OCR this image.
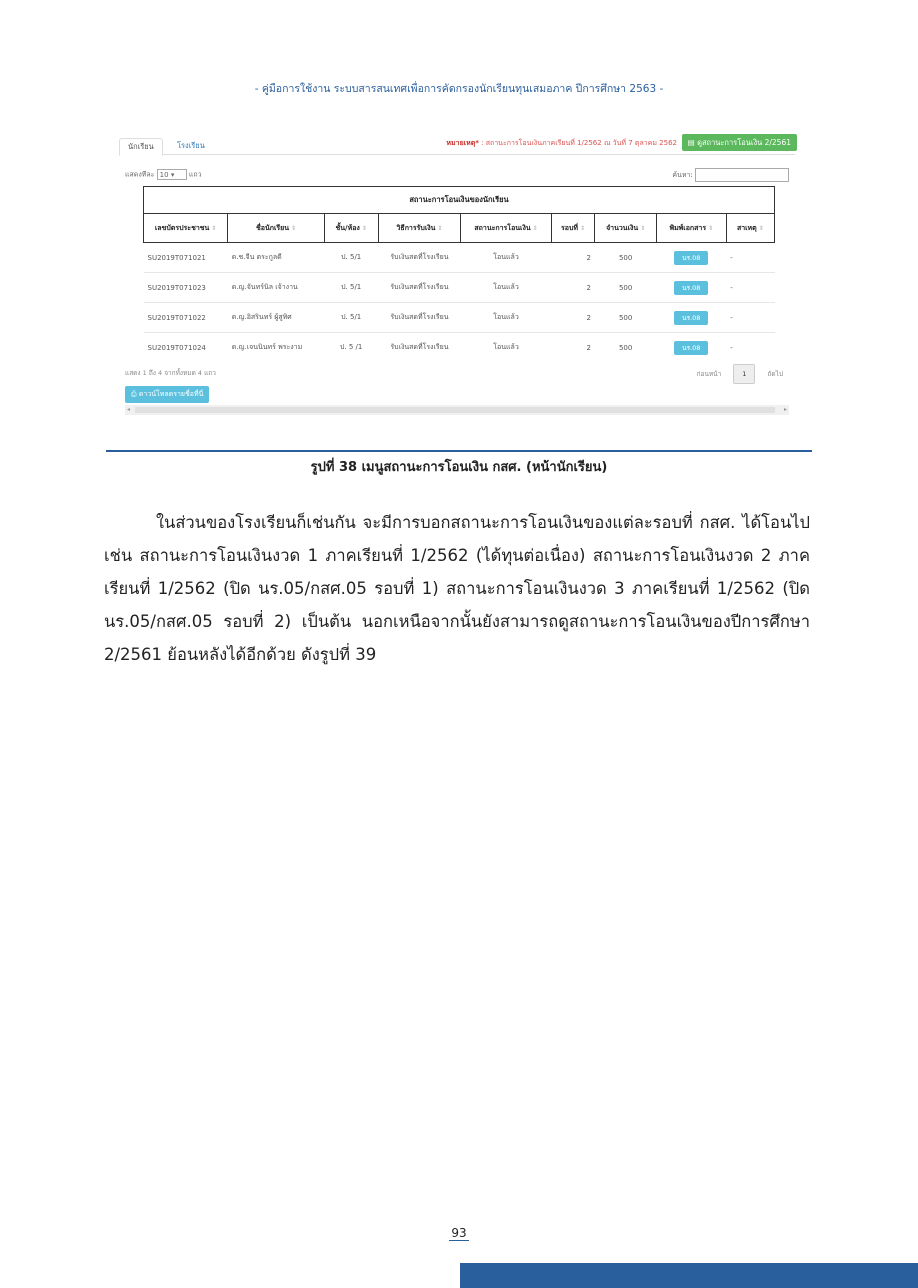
- คู่มือการใช้งาน ระบบสารสนเทศเพื่อการคัดกรองนักเรียนทุนเสมอภาค ปีการศึกษา 2563 -
นักเรียน	โรงเรียน	หมายเหตุ* : สถานะการโอนเงินภาคเรียนที่ 1/2562 ณ วันที่ 7 ตุลาคม 2562	▤ ดูสถานะการโอนเงิน 2/2561
แสดงทีละ 10 ▾ แถว	ค้นหา:
สถานะการโอนเงินของนักเรียน								
เลขบัตรประชาชน ⇕	ชื่อนักเรียน ⇕	ชั้น/ห้อง ⇕	วิธีการรับเงิน ⇕	สถานะการโอนเงิน ⇕	รอบที่ ⇕	จำนวนเงิน ⇕	พิมพ์เอกสาร ⇕	สาเหตุ ⇕
SU2019T071021	ด.ช.จีน ตระกูลดี	ป. 5/1	รับเงินสดที่โรงเรียน	โอนแล้ว	2	500	นร.08	-
SU2019T071023	ด.ญ.จันทร์นิล เจ้างาน	ป. 5/1	รับเงินสดที่โรงเรียน	โอนแล้ว	2	500	นร.08	-
SU2019T071022	ด.ญ.อิสรินทร์ ผู้สูทิศ	ป. 5/1	รับเงินสดที่โรงเรียน	โอนแล้ว	2	500	นร.08	-
SU2019T071024	ด.ญ.เจนนินทร์ พระงาม	ป. 5 /1	รับเงินสดที่โรงเรียน	โอนแล้ว	2	500	นร.08	-
แสดง 1 ถึง 4 จากทั้งหมด 4 แถว	ก่อนหน้า	1	ถัดไป
⎙ ดาวน์โหลดรายชื่อที่นี่
◂	▸
รูปที่ 38 เมนูสถานะการโอนเงิน กสศ. (หน้านักเรียน)
ในส่วนของโรงเรียนก็เช่นกัน จะมีการบอกสถานะการโอนเงินของแต่ละรอบที่ กสศ. ได้โอนไป เช่น สถานะการโอนเงินงวด 1 ภาคเรียนที่ 1/2562 (ได้ทุนต่อเนื่อง) สถานะการโอนเงินงวด 2 ภาคเรียนที่ 1/2562 (ปิด นร.05/กสศ.05 รอบที่ 1) สถานะการโอนเงินงวด 3 ภาคเรียนที่ 1/2562 (ปิด นร.05/กสศ.05 รอบที่ 2) เป็นต้น นอกเหนือจากนั้นยังสามารถดูสถานะการโอนเงินของปีการศึกษา 2/2561 ย้อนหลังได้อีกด้วย ดังรูปที่ 39
93
